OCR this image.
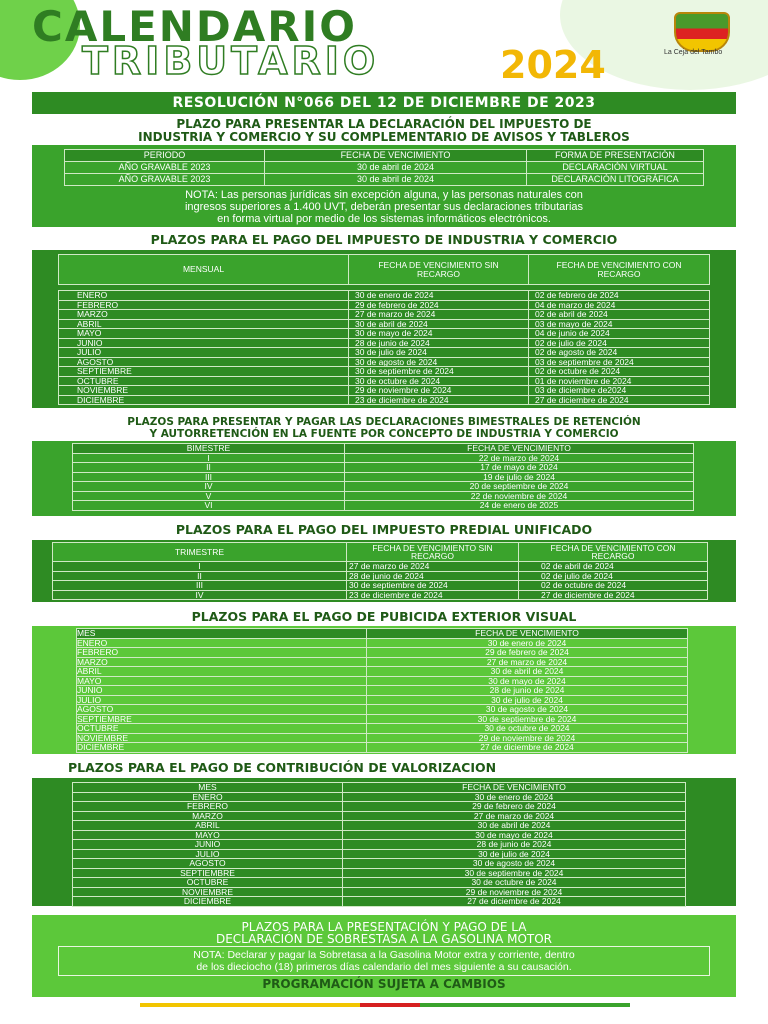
CALENDARIO
TRIBUTARIO	2024	La Ceja del Tambo
RESOLUCIÓN N°066 DEL 12 DE DICIEMBRE DE 2023
PLAZO PARA PRESENTAR LA DECLARACIÓN DEL IMPUESTO DE
INDUSTRIA Y COMERCIO Y SU COMPLEMENTARIO DE AVISOS Y TABLEROS
PERIODO	FECHA DE VENCIMIENTO	FORMA DE PRESENTACIÓN
AÑO GRAVABLE 2023	30 de abril de 2024	DECLARACIÓN VIRTUAL
AÑO GRAVABLE 2023	30 de abril de 2024	DECLARACIÓN LITOGRÁFICA
NOTA: Las personas jurídicas sin excepción alguna, y las personas naturales con
ingresos superiores a 1.400 UVT, deberán presentar sus declaraciones tributarias
en forma virtual por medio de los sistemas informáticos electrónicos.
PLAZOS PARA EL PAGO DEL IMPUESTO DE INDUSTRIA Y COMERCIO
MENSUAL	FECHA DE VENCIMIENTO SIN RECARGO	FECHA DE VENCIMIENTO CON RECARGO

ENERO	30 de enero de 2024	02 de febrero de 2024
FEBRERO	29 de febrero de 2024	04 de marzo de 2024
MARZO	27 de marzo de 2024	02 de abril de 2024
ABRIL	30 de abril de 2024	03 de mayo de 2024
MAYO	30 de mayo de 2024	04 de junio de 2024
JUNIO	28 de junio de 2024	02 de julio de 2024
JULIO	30 de julio de 2024	02 de agosto de 2024
AGOSTO	30 de agosto de 2024	03 de septiembre de 2024
SEPTIEMBRE	30 de septiembre de 2024	02 de octubre de 2024
OCTUBRE	30 de octubre de 2024	01 de noviembre de 2024
NOVIEMBRE	29 de noviembre de 2024	03 de diciembre de2024
DICIEMBRE	23 de diciembre de 2024	27 de diciembre de 2024
PLAZOS PARA PRESENTAR Y PAGAR LAS DECLARACIONES BIMESTRALES DE RETENCIÓN
Y AUTORRETENCIÓN EN LA FUENTE POR CONCEPTO DE INDUSTRIA Y COMERCIO
BIMESTRE	FECHA DE VENCIMIENTO
I	22 de marzo de 2024
II	17 de mayo de 2024
III	19 de julio de 2024
IV	20 de septiembre de 2024
V	22 de noviembre de 2024
VI	24 de enero de 2025
PLAZOS PARA EL PAGO DEL IMPUESTO PREDIAL UNIFICADO
TRIMESTRE	FECHA DE VENCIMIENTO SIN RECARGO	FECHA DE VENCIMIENTO CON RECARGO
I	27 de marzo de 2024	02 de abril de 2024
II	28 de junio de 2024	02 de julio de 2024
III	30 de septiembre de 2024	02 de octubre de 2024
IV	23 de diciembre de 2024	27 de diciembre de 2024
PLAZOS PARA EL PAGO DE PUBICIDA EXTERIOR VISUAL
MES	FECHA DE VENCIMIENTO
ENERO	30 de enero de 2024
FEBRERO	29 de febrero de 2024
MARZO	27 de marzo de 2024
ABRIL	30 de abril de 2024
MAYO	30 de mayo de 2024
JUNIO	28 de junio de 2024
JULIO	30 de julio de 2024
AGOSTO	30 de agosto de 2024
SEPTIEMBRE	30 de septiembre de 2024
OCTUBRE	30 de octubre de 2024
NOVIEMBRE	29 de noviembre de 2024
DICIEMBRE	27 de diciembre de 2024
PLAZOS PARA EL PAGO DE CONTRIBUCIÓN DE VALORIZACION
MES	FECHA DE VENCIMIENTO
ENERO	30 de enero de 2024
FEBRERO	29 de febrero de 2024
MARZO	27 de marzo de 2024
ABRIL	30 de abril de 2024
MAYO	30 de mayo de 2024
JUNIO	28 de junio de 2024
JULIO	30 de julio de 2024
AGOSTO	30 de agosto de 2024
SEPTIEMBRE	30 de septiembre de 2024
OCTUBRE	30 de octubre de 2024
NOVIEMBRE	29 de noviembre de 2024
DICIEMBRE	27 de diciembre de 2024
PLAZOS PARA LA PRESENTACIÓN Y PAGO DE LA
DECLARACIÓN DE SOBRESTASA A LA GASOLINA MOTOR
NOTA: Declarar y pagar la Sobretasa a la Gasolina Motor extra y corriente, dentro
de los dieciocho (18) primeros días calendario del mes siguiente a su causación.
PROGRAMACIÓN SUJETA A CAMBIOS
